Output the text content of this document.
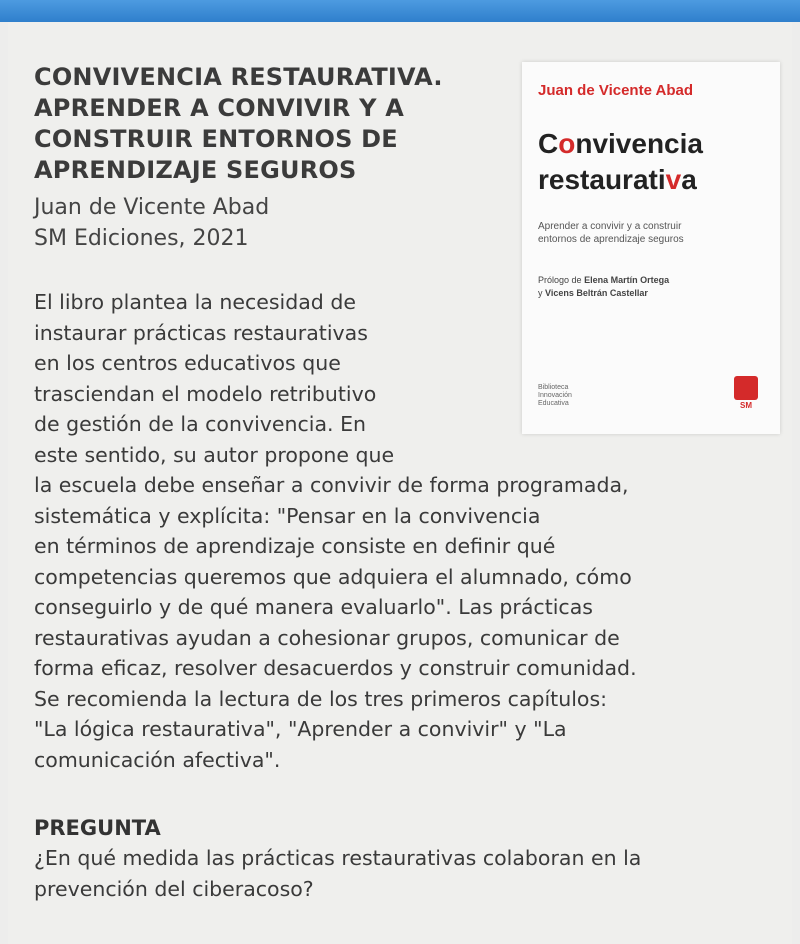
CONVIVENCIA RESTAURATIVA.
APRENDER A CONVIVIR Y A
CONSTRUIR ENTORNOS DE
APRENDIZAJE SEGUROS
Juan de Vicente Abad
SM Ediciones, 2021
Juan de Vicente Abad
Convivencia
restaurativa
Aprender a convivir y a construir
entornos de aprendizaje seguros
Prólogo de Elena Martín Ortega
y Vicens Beltrán Castellar
Biblioteca
Innovación
Educativa	SM
El libro plantea la necesidad de
instaurar prácticas restaurativas
en los centros educativos que
trasciendan el modelo retributivo
de gestión de la convivencia. En
este sentido, su autor propone que
la escuela debe enseñar a convivir de forma programada,
sistemática y explícita: "Pensar en la convivencia
en términos de aprendizaje consiste en definir qué
competencias queremos que adquiera el alumnado, cómo
conseguirlo y de qué manera evaluarlo". Las prácticas
restaurativas ayudan a cohesionar grupos, comunicar de
forma eficaz, resolver desacuerdos y construir comunidad.
Se recomienda la lectura de los tres primeros capítulos:
"La lógica restaurativa", "Aprender a convivir" y "La
comunicación afectiva".
PREGUNTA
¿En qué medida las prácticas restaurativas colaboran en la
prevención del ciberacoso?
